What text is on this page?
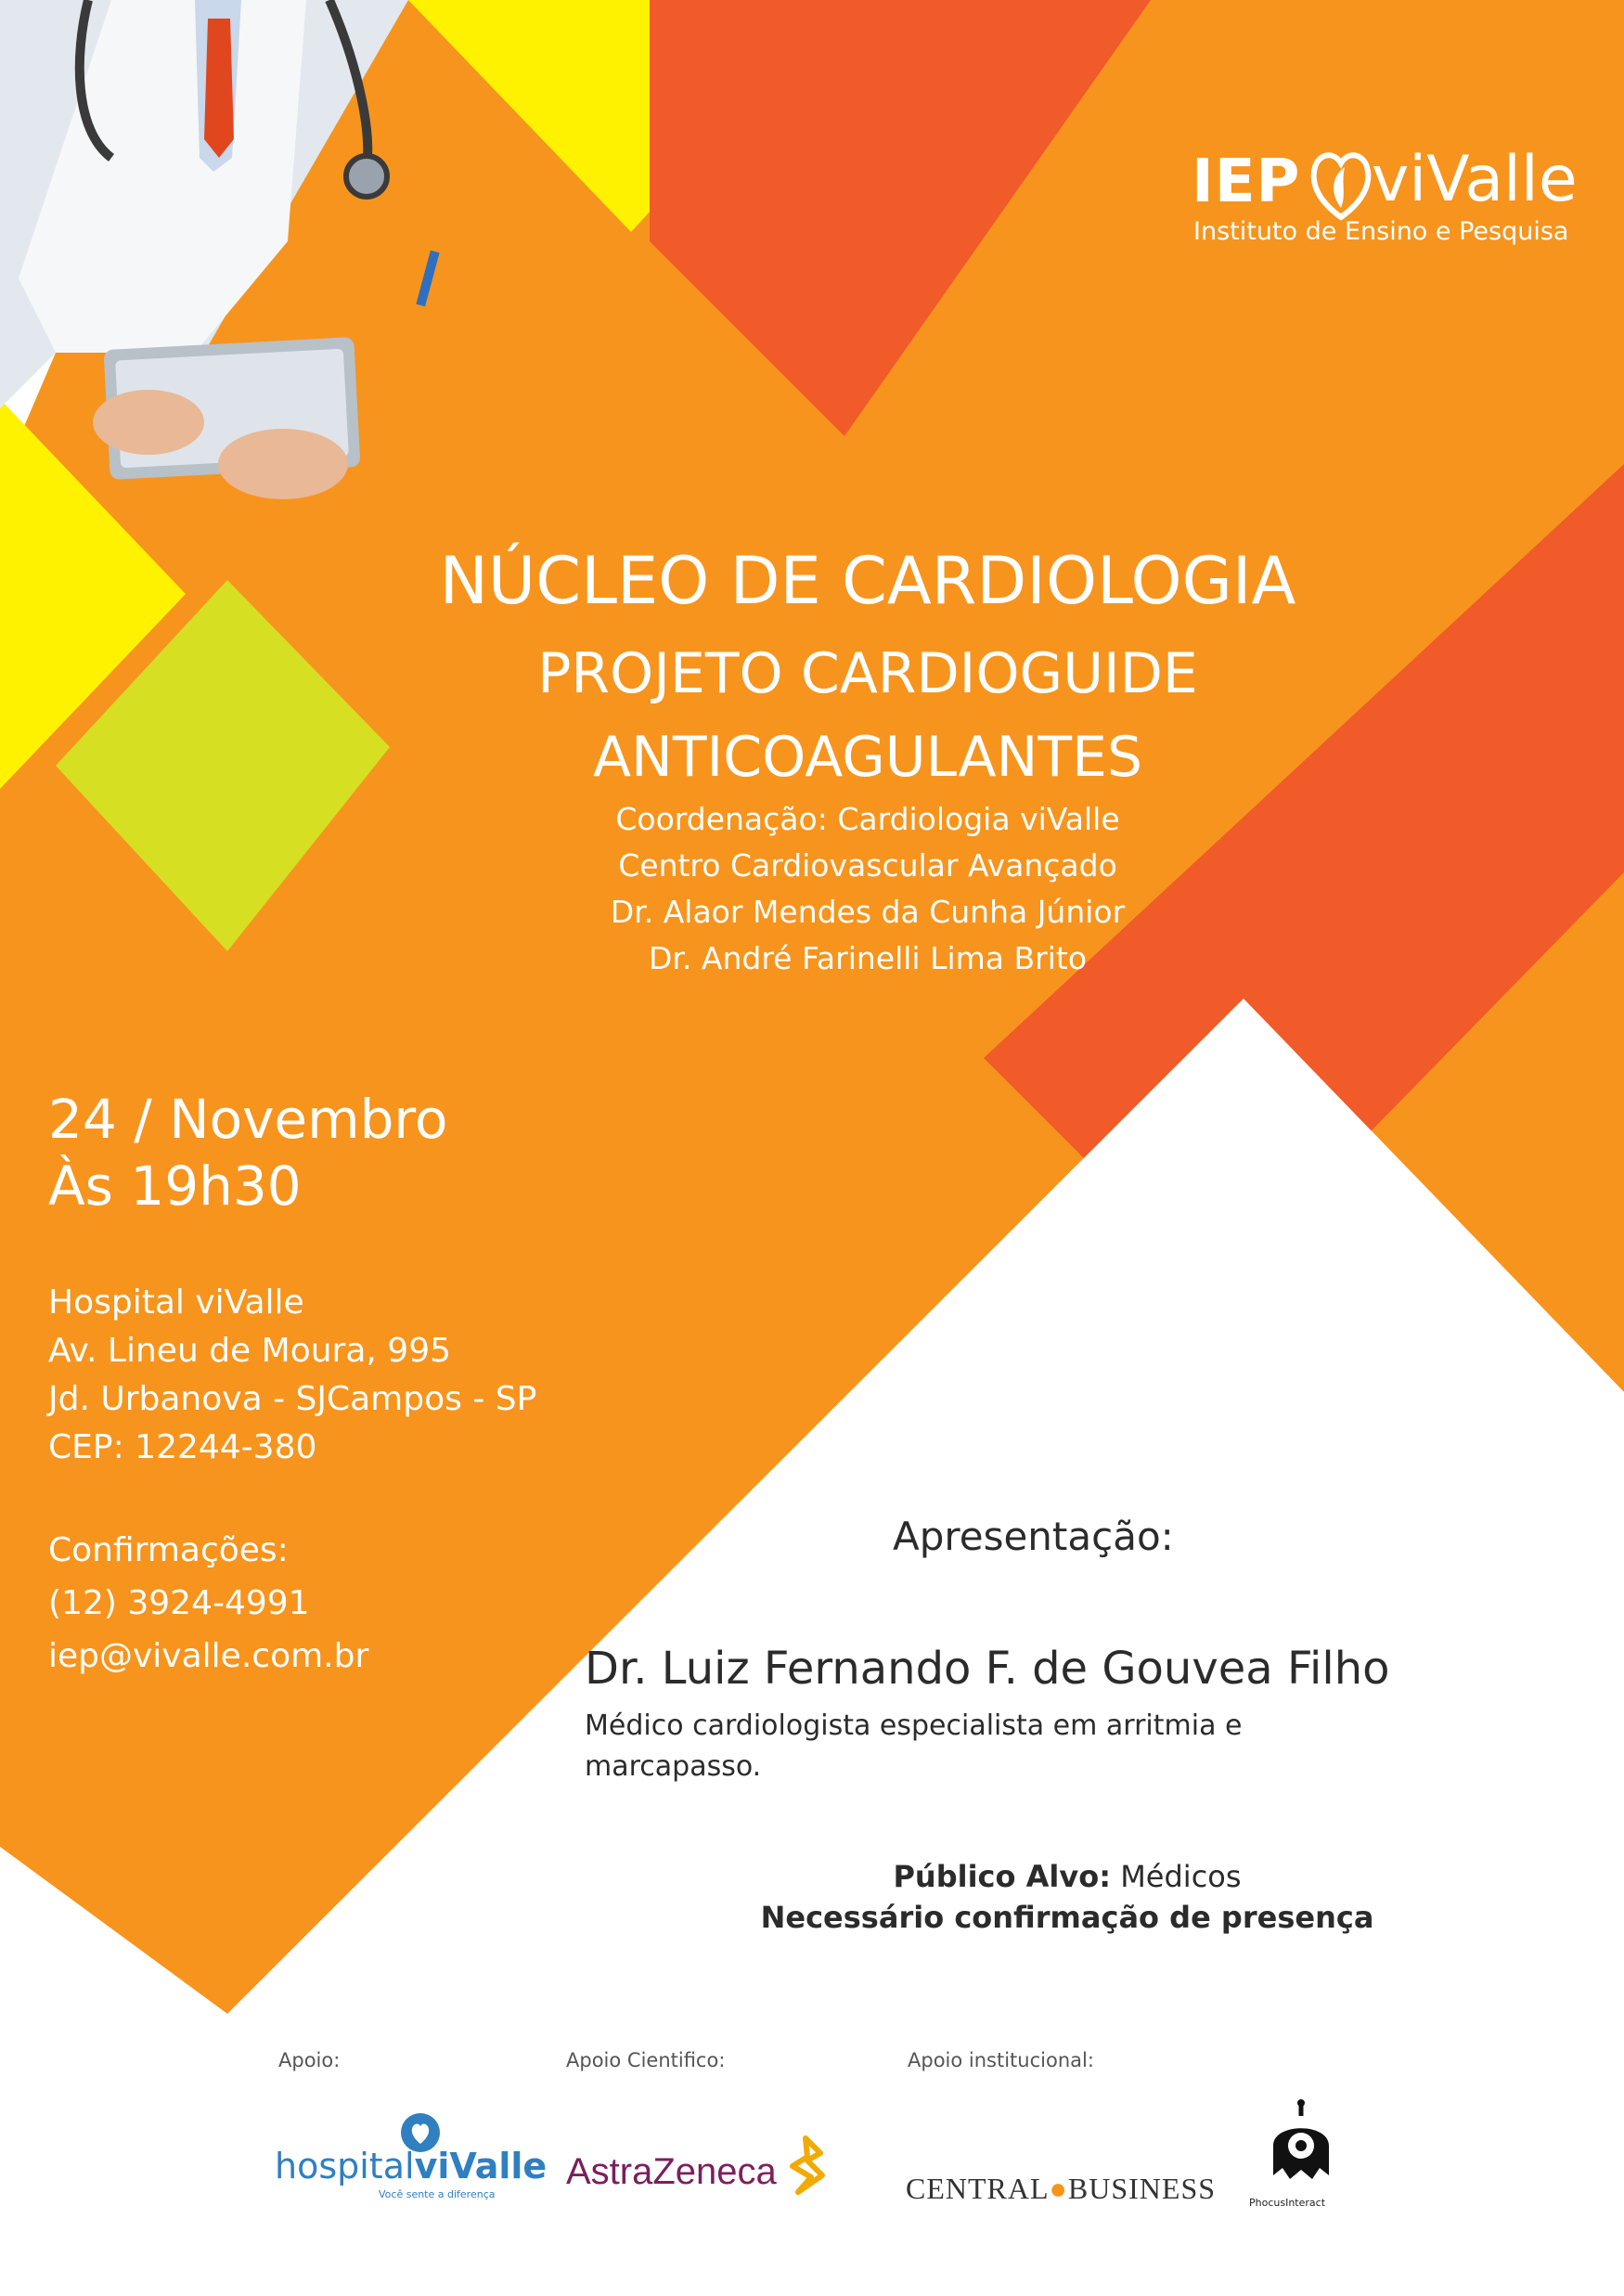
IEP viValle
Instituto de Ensino e Pesquisa
NÚCLEO DE CARDIOLOGIA
PROJETO CARDIOGUIDE
ANTICOAGULANTES
Coordenação: Cardiologia viValle
Centro Cardiovascular Avançado
Dr. Alaor Mendes da Cunha Júnior
Dr. André Farinelli Lima Brito
24 / Novembro
Às 19h30
Hospital viValle
Av. Lineu de Moura, 995
Jd. Urbanova - SJCampos - SP
CEP: 12244-380
Confirmações:
(12) 3924-4991
iep@vivalle.com.br
Apresentação:
Dr. Luiz Fernando F. de Gouvea Filho
Médico cardiologista especialista em arritmia e marcapasso.
Público Alvo: Médicos
Necessário confirmação de presença
Apoio:	Apoio Cientifico:	Apoio institucional:
hospitalviValle
Você sente a diferença
AstraZeneca	CENTRAL●BUSINESS	PhocusInteract
